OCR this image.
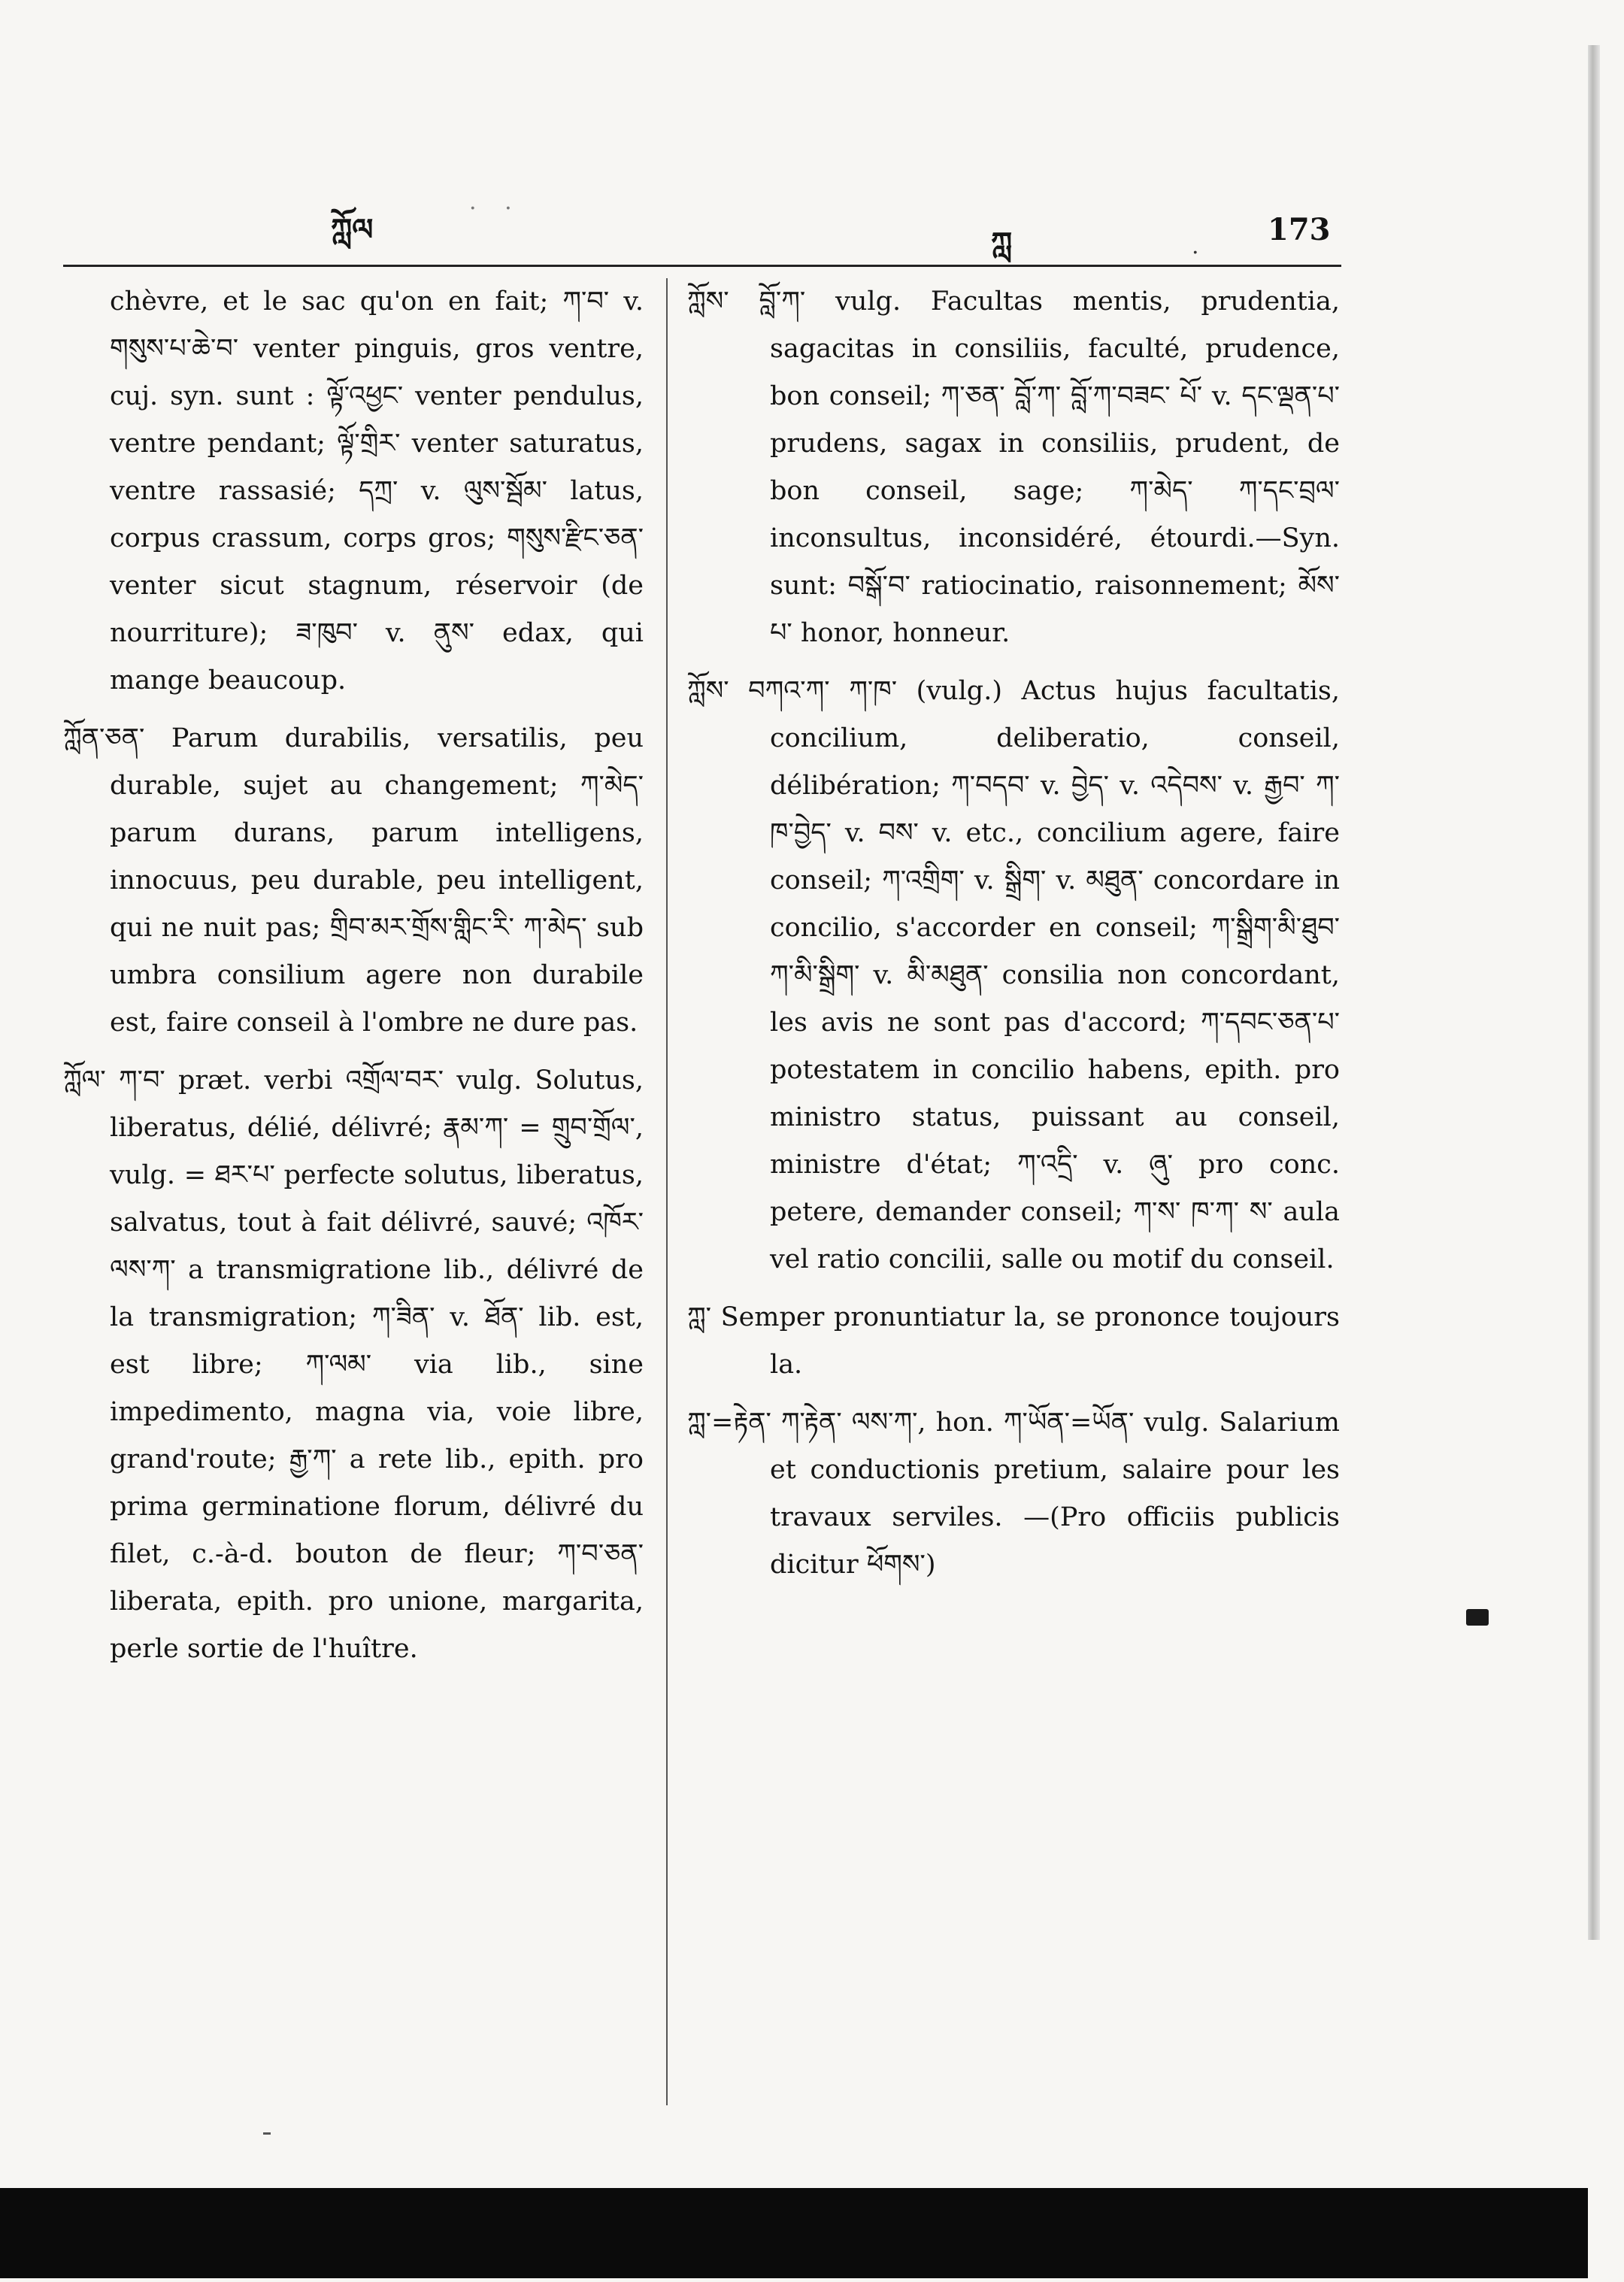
ཀློལ
· ·
ཀླ	. 173

chèvre, et le sac qu'on en fait; ཀ་བ་ v. གསུས་པ་ཆེ་བ་ venter pinguis, gros ventre, cuj. syn. sunt : ལྟོ་འཕྱང་ venter pendulus, ventre pendant; ལྟོ་གྲིར་ venter saturatus, ventre rassasié; དཀྲ་ v. ལུས་སྦོམ་ latus, corpus crassum, corps gros; གསུས་རྫིང་ཅན་ venter sicut stagnum, réservoir (de nourriture); ཟ་ཁུབ་ v. ནུས་ edax, qui mange beaucoup.

ཀློན་ཅན་ Parum durabilis, versatilis, peu durable, sujet au changement; ཀ་མེད་ parum durans, parum intelligens, innocuus, peu durable, peu intelligent, qui ne nuit pas; གྲིབ་མར་གྲོས་གླིང་རི་ ཀ་མེད་ sub umbra consilium agere non durabile est, faire conseil à l'ombre ne dure pas.

ཀློལ་ ཀ་བ་ præt. verbi འགྲོལ་བར་ vulg. Solutus, liberatus, délié, délivré; རྣམ་ཀ་ = གྲུབ་གྲོལ་, vulg. = ཐར་པ་ perfecte solutus, liberatus, salvatus, tout à fait délivré, sauvé; འཁོར་ལས་ཀ་ a transmigratione lib., délivré de la transmigration; ཀ་ཟིན་ v. ཐོན་ lib. est, est libre; ཀ་ལམ་ via lib., sine impedimento, magna via, voie libre, grand'route; རྒྱ་ཀ་ a rete lib., epith. pro prima germinatione florum, délivré du filet, c.-à-d. bouton de fleur; ཀ་བ་ཅན་ liberata, epith. pro unione, margarita, perle sortie de l'huître.

ཀློས་ བློ་ཀ་ vulg. Facultas mentis, prudentia, sagacitas in consiliis, faculté, prudence, bon conseil; ཀ་ཅན་ བློ་ཀ་ བློ་ཀ་བཟང་ པོ་ v. དང་ལྡན་པ་ prudens, sagax in consiliis, prudent, de bon conseil, sage; ཀ་མེད་ ཀ་དང་བྲལ་ inconsultus, inconsidéré, étourdi.—Syn. sunt: བསྒོ་བ་ ratiocinatio, raisonnement; མོས་པ་ honor, honneur.

ཀློས་ བཀའ་ཀ་ ཀ་ཁ་ (vulg.) Actus hujus facultatis, concilium, deliberatio, conseil, délibération; ཀ་བདབ་ v. བྱེད་ v. འདེབས་ v. རྒྱབ་ ཀ་ཁ་བྱེད་ v. བས་ v. etc., concilium agere, faire conseil; ཀ་འགྲིག་ v. སྒྲིག་ v. མཐུན་ concordare in concilio, s'accorder en conseil; ཀ་སྒྲིག་མི་ཐུབ་ ཀ་མི་སྒྲིག་ v. མི་མཐུན་ consilia non concordant, les avis ne sont pas d'accord; ཀ་དབང་ཅན་པ་ potestatem in concilio habens, epith. pro ministro status, puissant au conseil, ministre d'état; ཀ་འདྲི་ v. ཞུ་ pro conc. petere, demander conseil; ཀ་ས་ ཁ་ཀ་ ས་ aula vel ratio concilii, salle ou motif du conseil.

ཀླ་ Semper pronuntiatur la, se prononce toujours la.

ཀླ་=རྟེན་ ཀ་རྟེན་ ལས་ཀ་, hon. ཀ་ཡོན་=ཡོན་ vulg. Salarium et conductionis pretium, salaire pour les travaux serviles. —(Pro officiis publicis dicitur ཕོགས་)
